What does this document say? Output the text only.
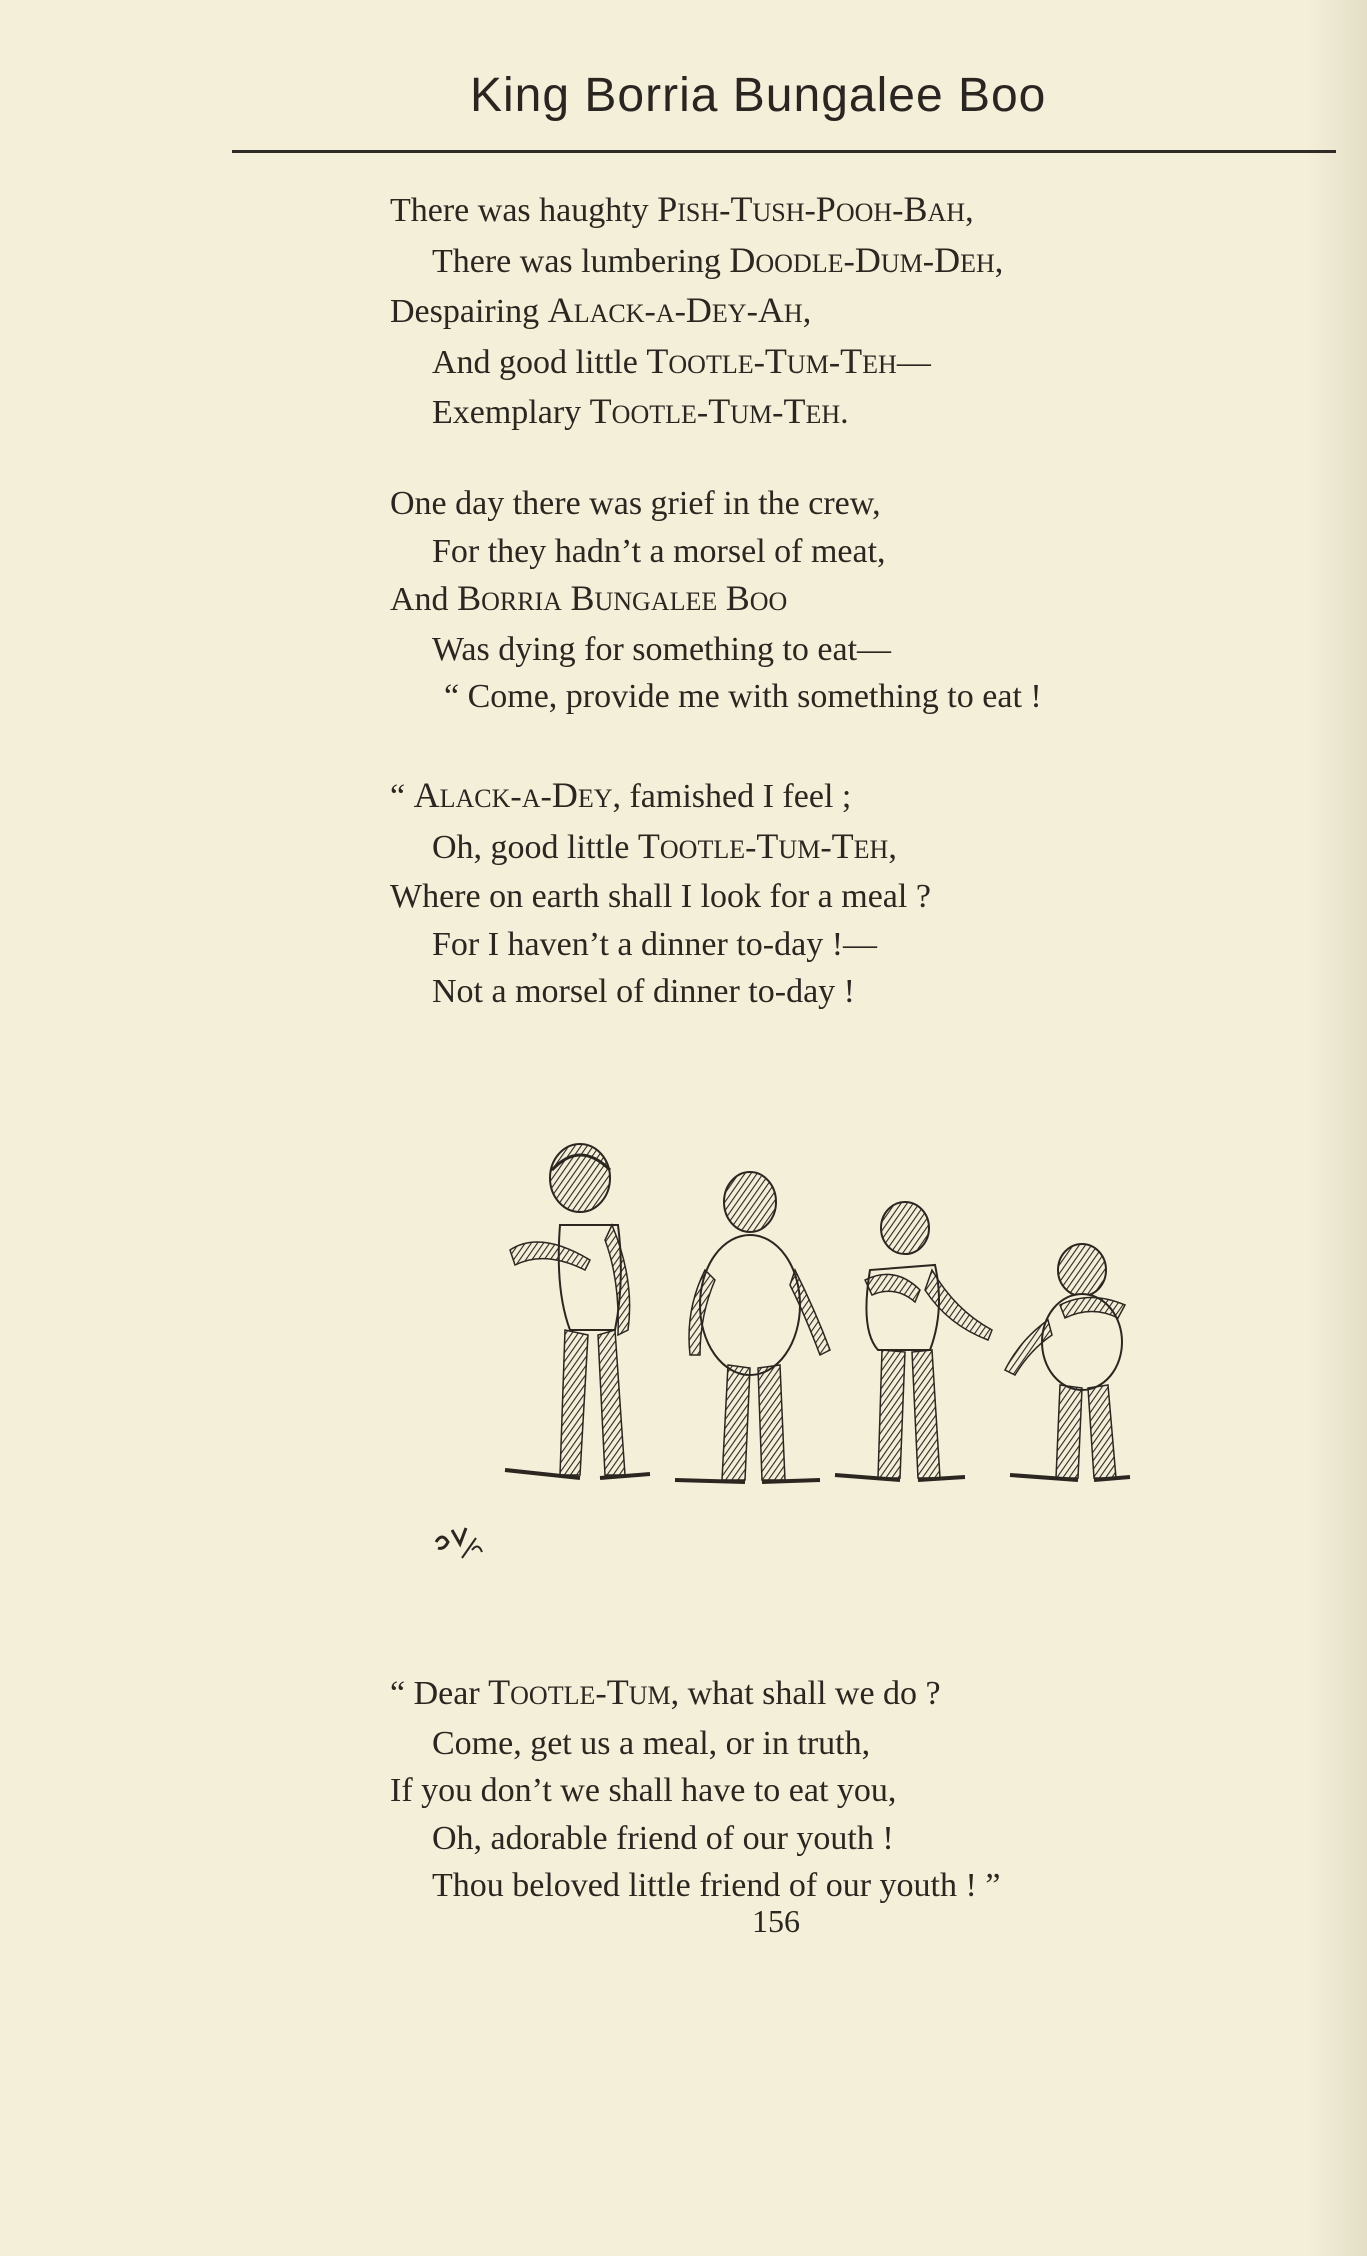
King Borria Bungalee Boo
There was haughty PISH-TUSH-POOH-BAH,
There was lumbering DOODLE-DUM-DEH,
Despairing ALACK-A-DEY-AH,
And good little TOOTLE-TUM-TEH—
Exemplary TOOTLE-TUM-TEH.
One day there was grief in the crew,
For they hadn’t a morsel of meat,
And BORRIA BUNGALEE BOO
Was dying for something to eat—
“ Come, provide me with something to eat !
“ ALACK-A-DEY, famished I feel ;
Oh, good little TOOTLE-TUM-TEH,
Where on earth shall I look for a meal ?
For I haven’t a dinner to-day !—
Not a morsel of dinner to-day !
“ Dear TOOTLE-TUM, what shall we do ?
Come, get us a meal, or in truth,
If you don’t we shall have to eat you,
Oh, adorable friend of our youth !
Thou beloved little friend of our youth ! ”
156
